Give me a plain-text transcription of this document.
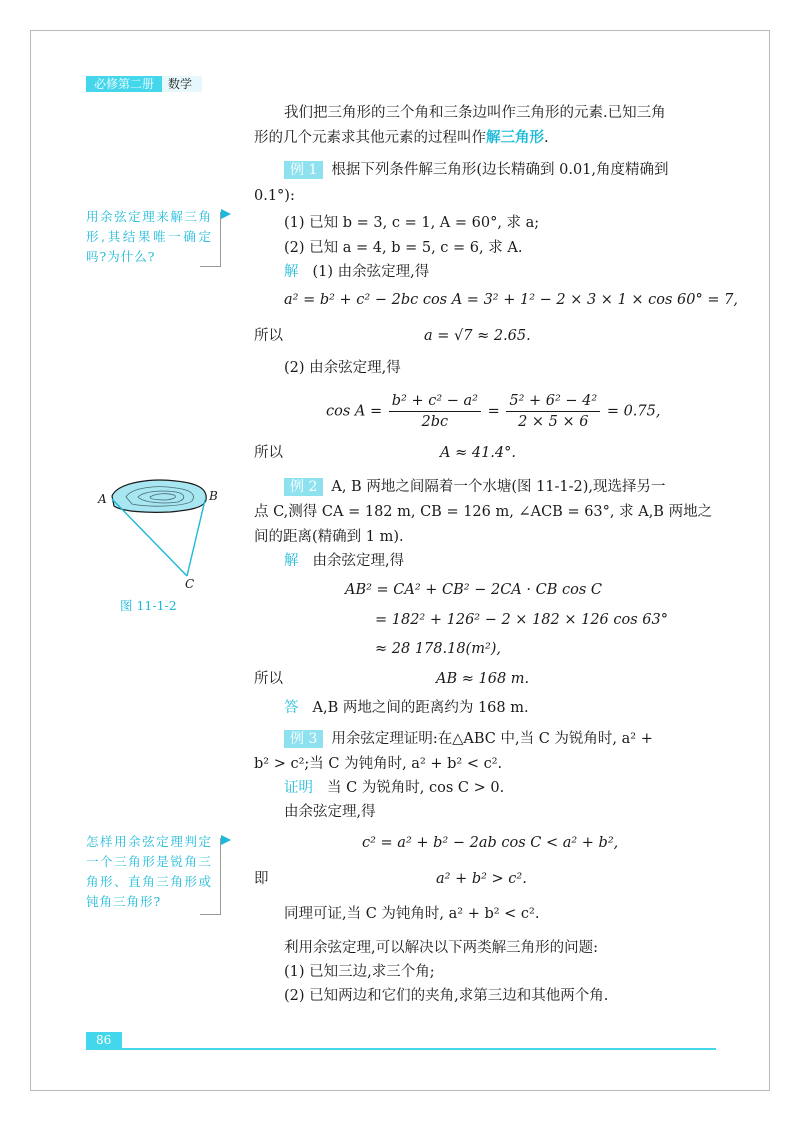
必修第二册	数学
我们把三角形的三个角和三条边叫作三角形的元素.已知三角
形的几个元素求其他元素的过程叫作解三角形.
例 1 根据下列条件解三角形(边长精确到 0.01,角度精确到
0.1°):
(1) 已知 b = 3, c = 1, A = 60°, 求 a;
(2) 已知 a = 4, b = 5, c = 6, 求 A.
解 (1) 由余弦定理,得
a² = b² + c² − 2bc cos A = 3² + 1² − 2 × 3 × 1 × cos 60° = 7,
所以	a = √7 ≈ 2.65.
(2) 由余弦定理,得
$\cos A = \frac{\text{b² + c² − a²}}{2bc} = \frac{\text{5² + 6² − 4²}}{2 \times 5 \times 6} = 0.75$,
所以	A ≈ 41.4°.
用余弦定理来解三角形,其结果唯一确定吗?为什么?
A	B
C
图 11-1-2
例 2 A, B 两地之间隔着一个水塘(图 11-1-2),现选择另一
点 C,测得 CA = 182 m, CB = 126 m, ∠ACB = 63°, 求 A,B 两地之
间的距离(精确到 1 m).
解 由余弦定理,得
AB² = CA² + CB² − 2CA · CB cos C
= 182² + 126² − 2 × 182 × 126 cos 63°
≈ 28 178.18(m²),
所以	AB ≈ 168 m.
答 A,B 两地之间的距离约为 168 m.
例 3 用余弦定理证明:在△ABC 中,当 C 为锐角时, a² +
b² > c²;当 C 为钝角时, a² + b² < c².
证明 当 C 为锐角时, cos C > 0.
由余弦定理,得
c² = a² + b² − 2ab cos C < a² + b²,
即	a² + b² > c².
同理可证,当 C 为钝角时, a² + b² < c².
怎样用余弦定理判定一个三角形是锐角三角形、直角三角形或钝角三角形?
利用余弦定理,可以解决以下两类解三角形的问题:
(1) 已知三边,求三个角;
(2) 已知两边和它们的夹角,求第三边和其他两个角.
86
